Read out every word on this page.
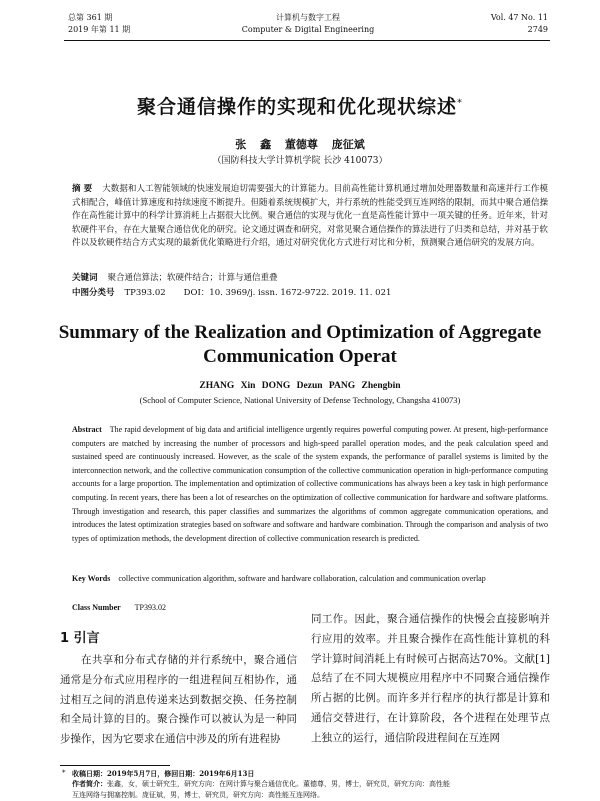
总第 361 期
2019 年第 11 期
计算机与数字工程
Computer & Digital Engineering
Vol. 47 No. 11
2749
聚合通信操作的实现和优化现状综述*
张 鑫 董德尊 庞征斌
（国防科技大学计算机学院 长沙 410073）
摘 要 大数据和人工智能领域的快速发展迫切需要强大的计算能力。目前高性能计算机通过增加处理器数量和高速并行工作模式相配合，峰值计算速度和持续速度不断提升。但随着系统规模扩大，并行系统的性能受到互连网络的限制，而其中聚合通信操作在高性能计算中的科学计算消耗上占据很大比例。聚合通信的实现与优化一直是高性能计算中一项关键的任务。近年来，针对软硬件平台，存在大量聚合通信优化的研究。论文通过调查和研究，对常见聚合通信操作的算法进行了归类和总结，并对基于软件以及软硬件结合方式实现的最新优化策略进行介绍，通过对研究优化方式进行对比和分析，预测聚合通信研究的发展方向。
关键词 聚合通信算法；软硬件结合；计算与通信重叠
中图分类号 TP393.02 DOI：10. 3969/j. issn. 1672-9722. 2019. 11. 021
Summary of the Realization and Optimization of Aggregate Communication Operat
ZHANG Xin DONG Dezun PANG Zhengbin
(School of Computer Science, National University of Defense Technology, Changsha 410073)
Abstract The rapid development of big data and artificial intelligence urgently requires powerful computing power. At present, high-performance computers are matched by increasing the number of processors and high-speed parallel operation modes, and the peak calculation speed and sustained speed are continuously increased. However, as the scale of the system expands, the performance of parallel systems is limited by the interconnection network, and the collective communication consumption of the collective communication operation in high-performance computing accounts for a large proportion. The implementation and optimization of collective communications has always been a key task in high performance computing. In recent years, there has been a lot of researches on the optimization of collective communication for hardware and software platforms. Through investigation and research, this paper classifies and summarizes the algorithms of common aggregate communication operations, and introduces the latest optimization strategies based on software and software and hardware combination. Through the comparison and analysis of two types of optimization methods, the development direction of collective communication research is predicted.
Key Words collective communication algorithm, software and hardware collaboration, calculation and communication overlap
Class Number TP393.02
1 引言
在共享和分布式存储的并行系统中，聚合通信通常是分布式应用程序的一组进程间互相协作，通过相互之间的消息传递来达到数据交换、任务控制和全局计算的目的。聚合操作可以被认为是一种同步操作，因为它要求在通信中涉及的所有进程协
同工作。因此，聚合通信操作的快慢会直接影响并行应用的效率。并且聚合操作在高性能计算机的科学计算时间消耗上有时候可占据高达70%。文献[1]总结了在不同大规模应用程序中不同聚合通信操作所占据的比例。而许多并行程序的执行都是计算和通信交替进行，在计算阶段，各个进程在处理节点上独立的运行，通信阶段进程间在互连网
* 收稿日期：2019年5月7日，修回日期：2019年6月13日
作者简介：张鑫，女，硕士研究生，研究方向：在网计算与聚合通信优化。董德尊，男，博士，研究员，研究方向：高性能
互连网络与拥塞控制。庞征斌，男，博士，研究员，研究方向：高性能互连网络。
